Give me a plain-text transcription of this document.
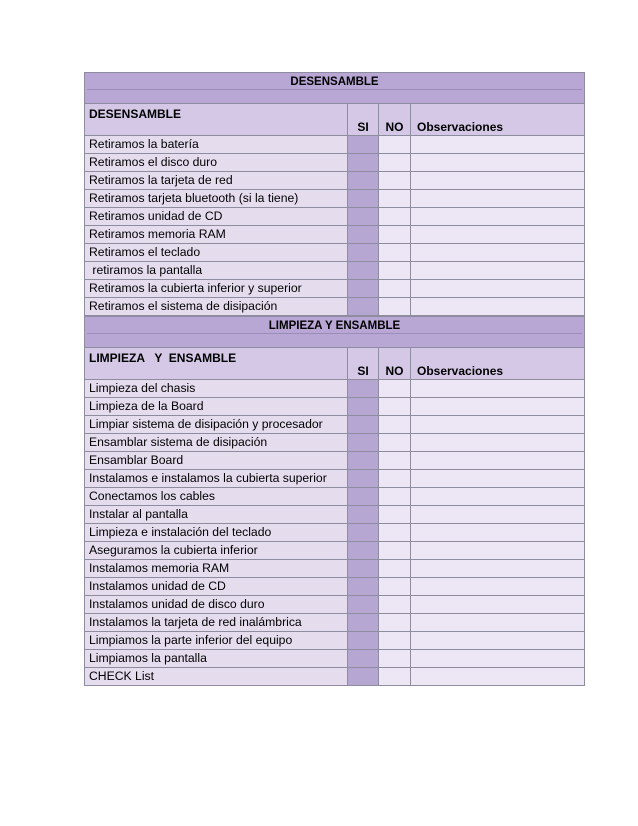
DESENSAMBLE
DESENSAMBLE
SI	NO	Observaciones
Retiramos la batería
Retiramos el disco duro
Retiramos la tarjeta de red
Retiramos tarjeta bluetooth (si la tiene)
Retiramos unidad de CD
Retiramos memoria RAM
Retiramos el teclado
retiramos la pantalla
Retiramos la cubierta inferior y superior
Retiramos el sistema de disipación
LIMPIEZA Y ENSAMBLE
LIMPIEZA   Y  ENSAMBLE
SI	NO	Observaciones
Limpieza del chasis
Limpieza de la Board
Limpiar sistema de disipación y procesador
Ensamblar sistema de disipación
Ensamblar Board
Instalamos e instalamos la cubierta superior
Conectamos los cables
Instalar al pantalla
Limpieza e instalación del teclado
Aseguramos la cubierta inferior
Instalamos memoria RAM
Instalamos unidad de CD
Instalamos unidad de disco duro
Instalamos la tarjeta de red inalámbrica
Limpiamos la parte inferior del equipo
Limpiamos la pantalla
CHECK List
